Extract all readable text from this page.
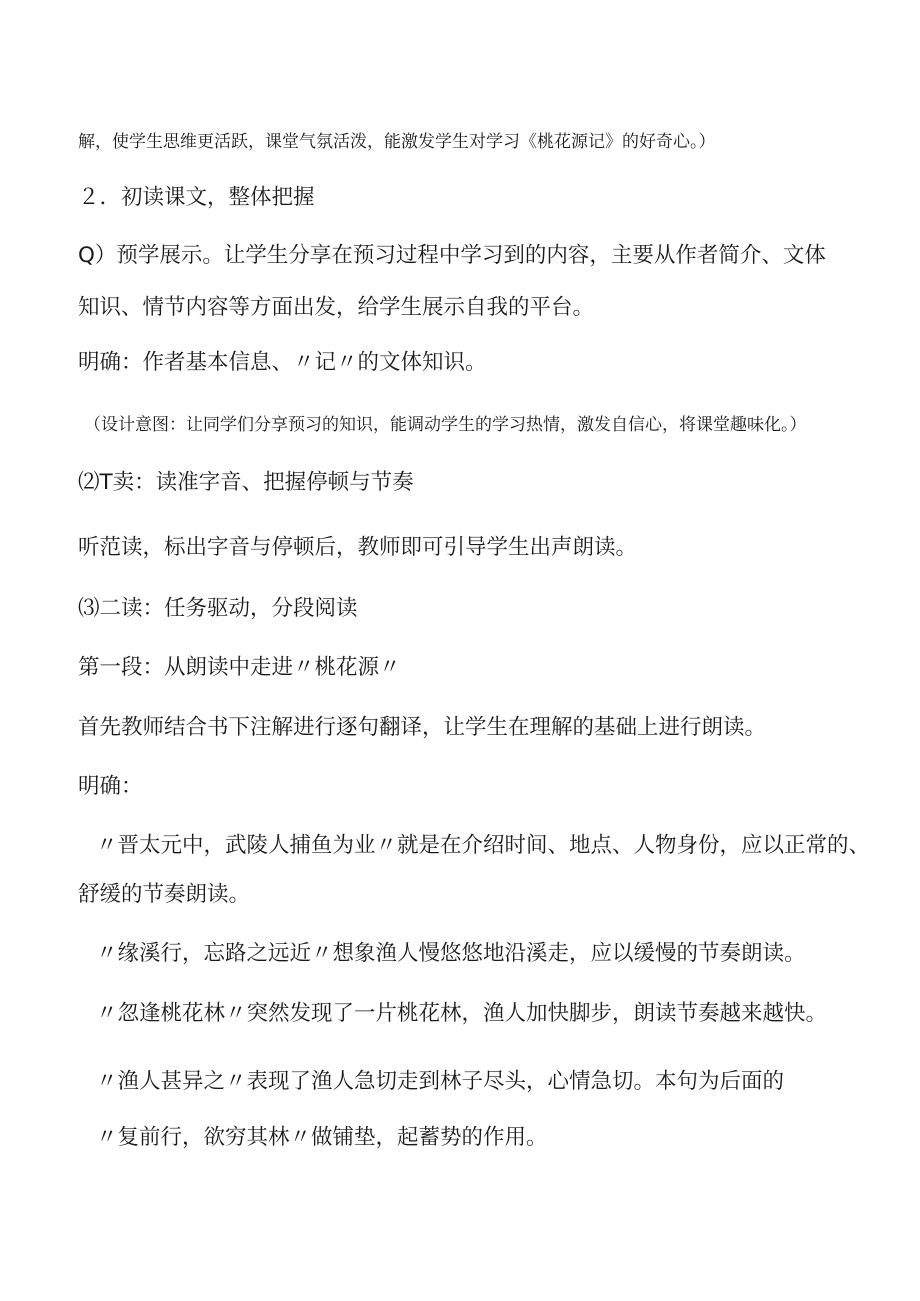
解，使学生思维更活跃，课堂气氛活泼，能激发学生对学习《桃花源记》的好奇心。）
２．初读课文，整体把握
Q）预学展示。让学生分享在预习过程中学习到的内容，主要从作者简介、文体
知识、情节内容等方面出发，给学生展示自我的平台。
明确：作者基本信息、〃记〃的文体知识。
（设计意图：让同学们分享预习的知识，能调动学生的学习热情，激发自信心，将课堂趣味化。）
⑵T卖：读准字音、把握停顿与节奏
听范读，标出字音与停顿后，教师即可引导学生出声朗读。
⑶二读：任务驱动，分段阅读
第一段：从朗读中走进〃桃花源〃
首先教师结合书下注解进行逐句翻译，让学生在理解的基础上进行朗读。
明确：
〃晋太元中，武陵人捕鱼为业〃就是在介绍时间、地点、人物身份，应以正常的、
舒缓的节奏朗读。
〃缘溪行，忘路之远近〃想象渔人慢悠悠地沿溪走，应以缓慢的节奏朗读。
〃忽逢桃花林〃突然发现了一片桃花林，渔人加快脚步，朗读节奏越来越快。
〃渔人甚异之〃表现了渔人急切走到林子尽头，心情急切。本句为后面的
〃复前行，欲穷其林〃做铺垫，起蓄势的作用。
